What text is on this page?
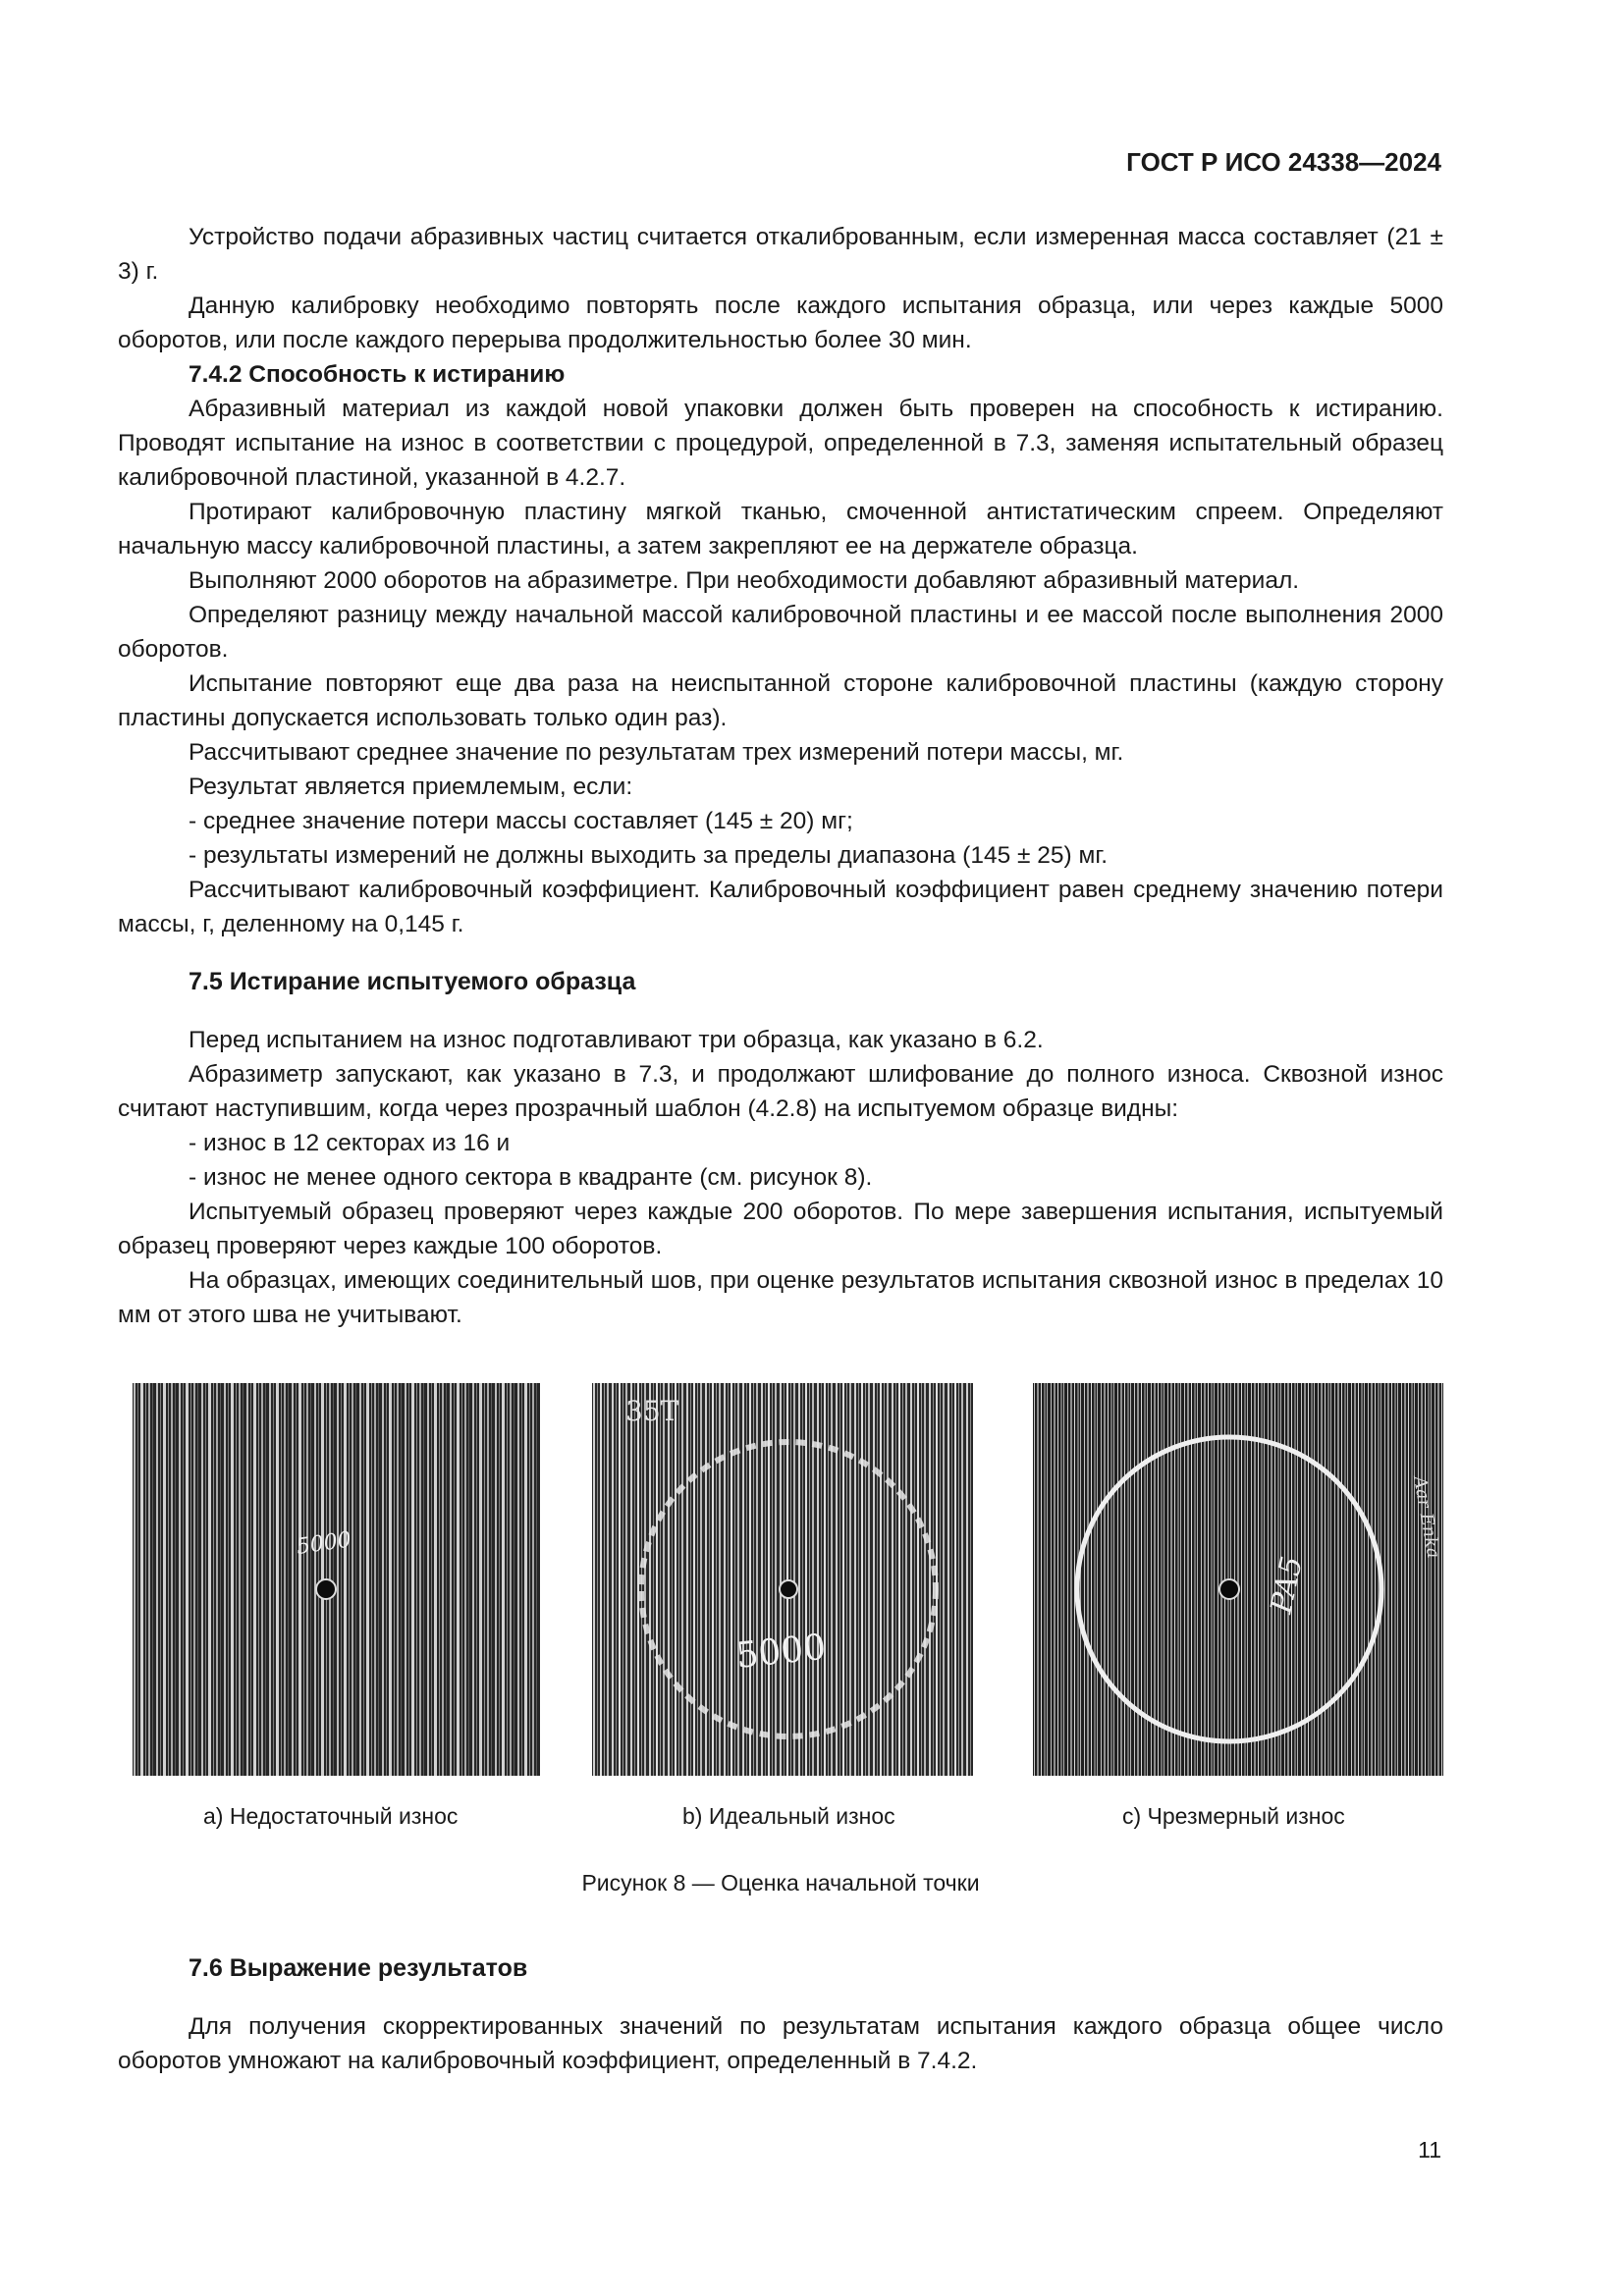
ГОСТ Р ИСО 24338—2024

Устройство подачи абразивных частиц считается откалиброванным, если измеренная масса составляет (21 ± 3) г.

Данную калибровку необходимо повторять после каждого испытания образца, или через каждые 5000 оборотов, или после каждого перерыва продолжительностью более 30 мин.

7.4.2 Способность к истиранию

Абразивный материал из каждой новой упаковки должен быть проверен на способность к истиранию. Проводят испытание на износ в соответствии с процедурой, определенной в 7.3, заменяя испытательный образец калибровочной пластиной, указанной в 4.2.7.

Протирают калибровочную пластину мягкой тканью, смоченной антистатическим спреем. Определяют начальную массу калибровочной пластины, а затем закрепляют ее на держателе образца.

Выполняют 2000 оборотов на абразиметре. При необходимости добавляют абразивный материал.

Определяют разницу между начальной массой калибровочной пластины и ее массой после выполнения 2000 оборотов.

Испытание повторяют еще два раза на неиспытанной стороне калибровочной пластины (каждую сторону пластины допускается использовать только один раз).

Рассчитывают среднее значение по результатам трех измерений потери массы, мг.

Результат является приемлемым, если:

- среднее значение потери массы составляет (145 ± 20) мг;

- результаты измерений не должны выходить за пределы диапазона (145 ± 25) мг.

Рассчитывают калибровочный коэффициент. Калибровочный коэффициент равен среднему значению потери массы, г, деленному на 0,145 г.

7.5 Истирание испытуемого образца

Перед испытанием на износ подготавливают три образца, как указано в 6.2.

Абразиметр запускают, как указано в 7.3, и продолжают шлифование до полного износа. Сквозной износ считают наступившим, когда через прозрачный шаблон (4.2.8) на испытуемом образце видны:

- износ в 12 секторах из 16 и

- износ не менее одного сектора в квадранте (см. рисунок 8).

Испытуемый образец проверяют через каждые 200 оборотов. По мере завершения испытания, испытуемый образец проверяют через каждые 100 оборотов.

На образцах, имеющих соединительный шов, при оценке результатов испытания сквозной износ в пределах 10 мм от этого шва не учитывают.

5000
a) Недостаточный износ
5000
35Т
b) Идеальный износ
PA5
Aar Enka
c) Чрезмерный износ
Рисунок 8 — Оценка начальной точки
7.6 Выражение результатов

Для получения скорректированных значений по результатам испытания каждого образца общее число оборотов умножают на калибровочный коэффициент, определенный в 7.4.2.

11
